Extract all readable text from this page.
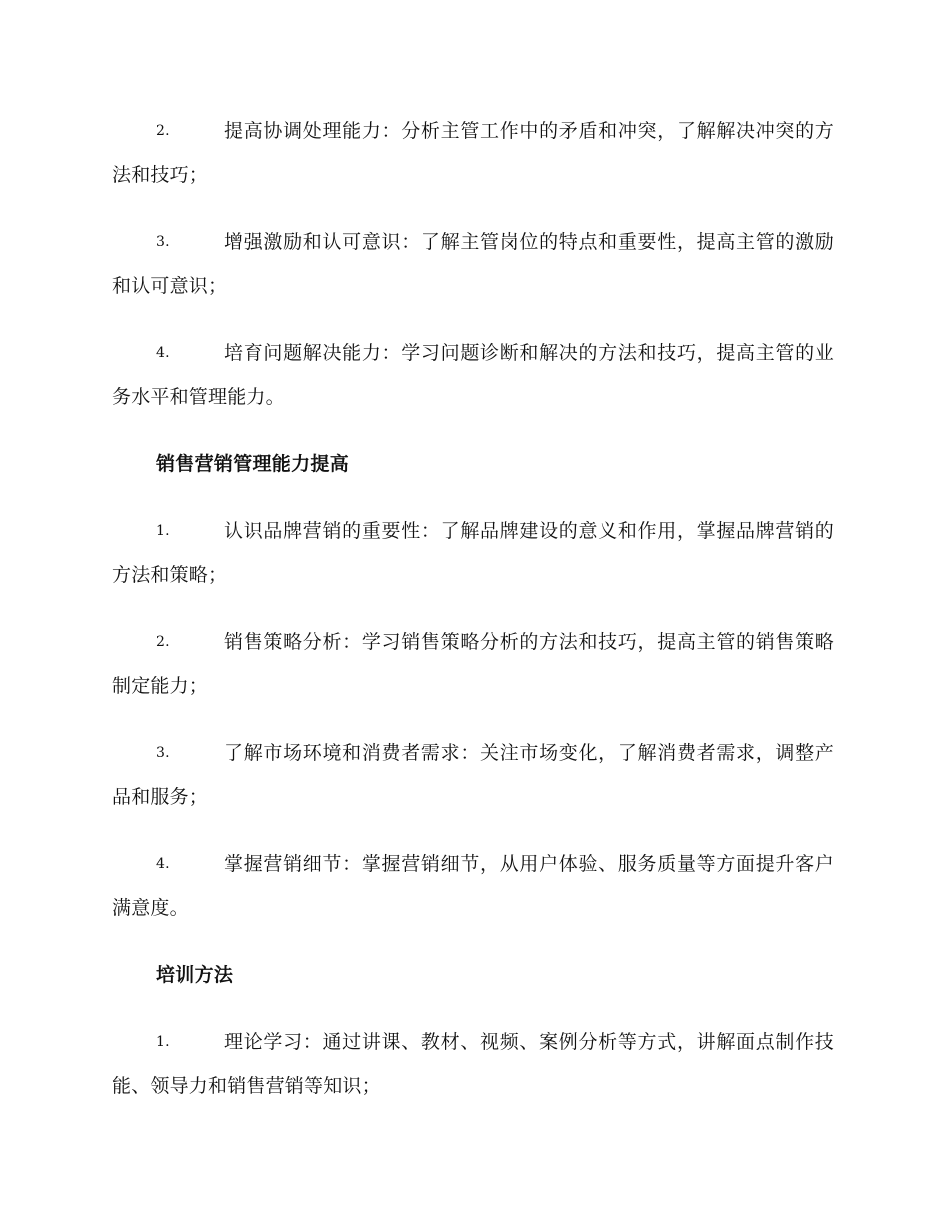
2.	提高协调处理能力：分析主管工作中的矛盾和冲突，了解解决冲突的方法和技巧；
3.	增强激励和认可意识：了解主管岗位的特点和重要性，提高主管的激励和认可意识；
4.	培育问题解决能力：学习问题诊断和解决的方法和技巧，提高主管的业务水平和管理能力。
销售营销管理能力提高
1.	认识品牌营销的重要性：了解品牌建设的意义和作用，掌握品牌营销的方法和策略；
2.	销售策略分析：学习销售策略分析的方法和技巧，提高主管的销售策略制定能力；
3.	了解市场环境和消费者需求：关注市场变化，了解消费者需求，调整产品和服务；
4.	掌握营销细节：掌握营销细节，从用户体验、服务质量等方面提升客户满意度。
培训方法
1.	理论学习：通过讲课、教材、视频、案例分析等方式，讲解面点制作技能、领导力和销售营销等知识；
